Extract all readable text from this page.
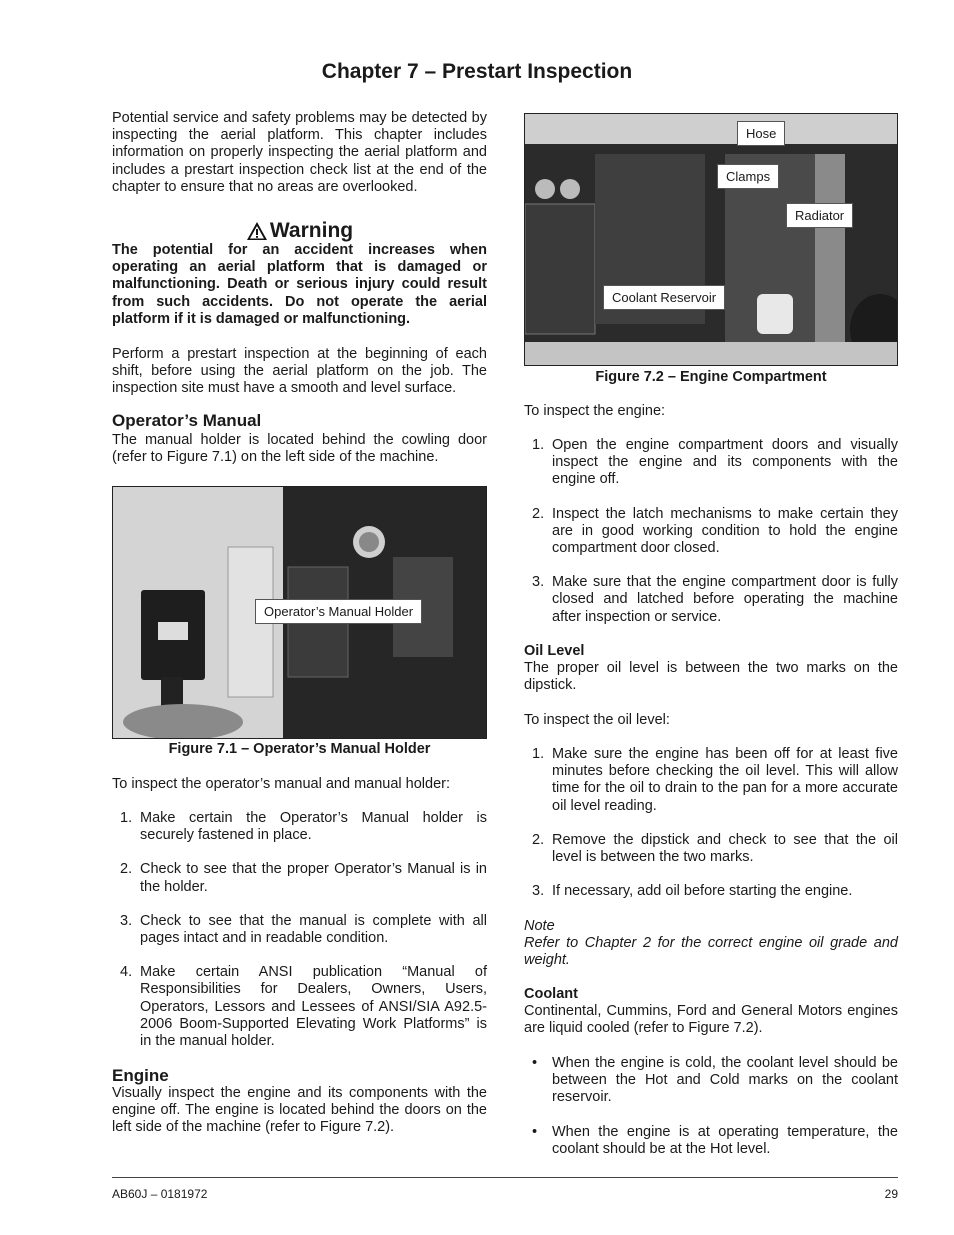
Chapter 7 – Prestart Inspection
Potential service and safety problems may be detected by inspecting the aerial platform. This chapter includes information on properly inspecting the aerial platform and includes a prestart inspection check list at the end of the chapter to ensure that no areas are overlooked.
Warning
The potential for an accident increases when operating an aerial platform that is damaged or malfunctioning. Death or serious injury could result from such accidents. Do not operate the aerial platform if it is damaged or malfunctioning.
Perform a prestart inspection at the beginning of each shift, before using the aerial platform on the job. The inspection site must have a smooth and level surface.
Operator’s Manual
The manual holder is located behind the cowling door (refer to Figure 7.1) on the left side of the machine.
Operator’s Manual Holder
Figure 7.1 – Operator’s Manual Holder
To inspect the operator’s manual and manual holder:
1. Make certain the Operator’s Manual holder is securely fastened in place.
2. Check to see that the proper Operator’s Manual is in the holder.
3. Check to see that the manual is complete with all pages intact and in readable condition.
4. Make certain ANSI publication “Manual of Responsibilities for Dealers, Owners, Users, Operators, Lessors and Lessees of ANSI/SIA A92.5-2006 Boom-Supported Elevating Work Platforms” is in the manual holder.
Engine
Visually inspect the engine and its components with the engine off. The engine is located behind the doors on the left side of the machine (refer to Figure 7.2).
Hose
Clamps
Radiator
Coolant Reservoir
Figure 7.2 – Engine Compartment
To inspect the engine:
1. Open the engine compartment doors and visually inspect the engine and its components with the engine off.
2. Inspect the latch mechanisms to make certain they are in good working condition to hold the engine compartment door closed.
3. Make sure that the engine compartment door is fully closed and latched before operating the machine after inspection or service.
Oil Level
The proper oil level is between the two marks on the dipstick.
To inspect the oil level:
1. Make sure the engine has been off for at least five minutes before checking the oil level. This will allow time for the oil to drain to the pan for a more accurate oil level reading.
2. Remove the dipstick and check to see that the oil level is between the two marks.
3. If necessary, add oil before starting the engine.
Note
Refer to Chapter 2 for the correct engine oil grade and weight.
Coolant
Continental, Cummins, Ford and General Motors engines are liquid cooled (refer to Figure 7.2).
• When the engine is cold, the coolant level should be between the Hot and Cold marks on the coolant reservoir.
• When the engine is at operating temperature, the coolant should be at the Hot level.
AB60J – 0181972	29
